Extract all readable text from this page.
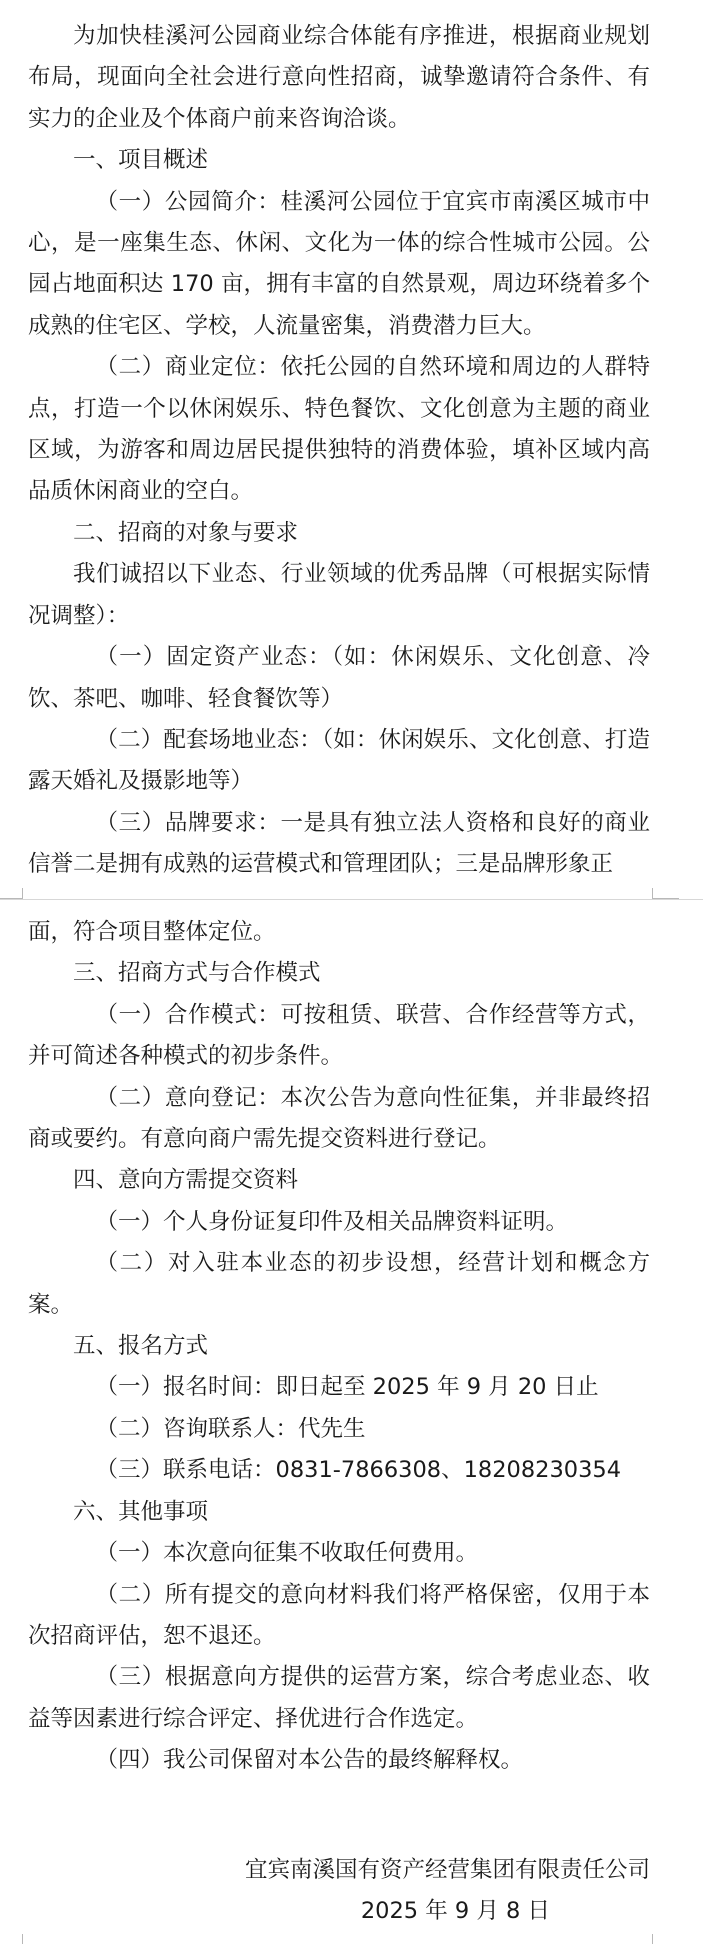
为加快桂溪河公园商业综合体能有序推进，根据商业规划布局，现面向全社会进行意向性招商，诚挚邀请符合条件、有实力的企业及个体商户前来咨询洽谈。
一、项目概述
（一）公园简介：桂溪河公园位于宜宾市南溪区城市中心，是一座集生态、休闲、文化为一体的综合性城市公园。公园占地面积达 170 亩，拥有丰富的自然景观，周边环绕着多个成熟的住宅区、学校，人流量密集，消费潜力巨大。
（二）商业定位：依托公园的自然环境和周边的人群特点，打造一个以休闲娱乐、特色餐饮、文化创意为主题的商业区域，为游客和周边居民提供独特的消费体验，填补区域内高品质休闲商业的空白。
二、招商的对象与要求
我们诚招以下业态、行业领域的优秀品牌（可根据实际情况调整）：
（一）固定资产业态：（如：休闲娱乐、文化创意、冷饮、茶吧、咖啡、轻食餐饮等）
（二）配套场地业态：（如：休闲娱乐、文化创意、打造露天婚礼及摄影地等）
（三）品牌要求：一是具有独立法人资格和良好的商业信誉二是拥有成熟的运营模式和管理团队；三是品牌形象正
面，符合项目整体定位。
三、招商方式与合作模式
（一）合作模式：可按租赁、联营、合作经营等方式，并可简述各种模式的初步条件。
（二）意向登记：本次公告为意向性征集，并非最终招商或要约。有意向商户需先提交资料进行登记。
四、意向方需提交资料
（一）个人身份证复印件及相关品牌资料证明。
（二）对入驻本业态的初步设想，经营计划和概念方案。
五、报名方式
（一）报名时间：即日起至 2025 年 9 月 20 日止
（二）咨询联系人：代先生
（三）联系电话：0831-7866308、18208230354
六、其他事项
（一）本次意向征集不收取任何费用。
（二）所有提交的意向材料我们将严格保密，仅用于本次招商评估，恕不退还。
（三）根据意向方提供的运营方案，综合考虑业态、收益等因素进行综合评定、择优进行合作选定。
（四）我公司保留对本公告的最终解释权。
宜宾南溪国有资产经营集团有限责任公司
2025 年 9 月 8 日
